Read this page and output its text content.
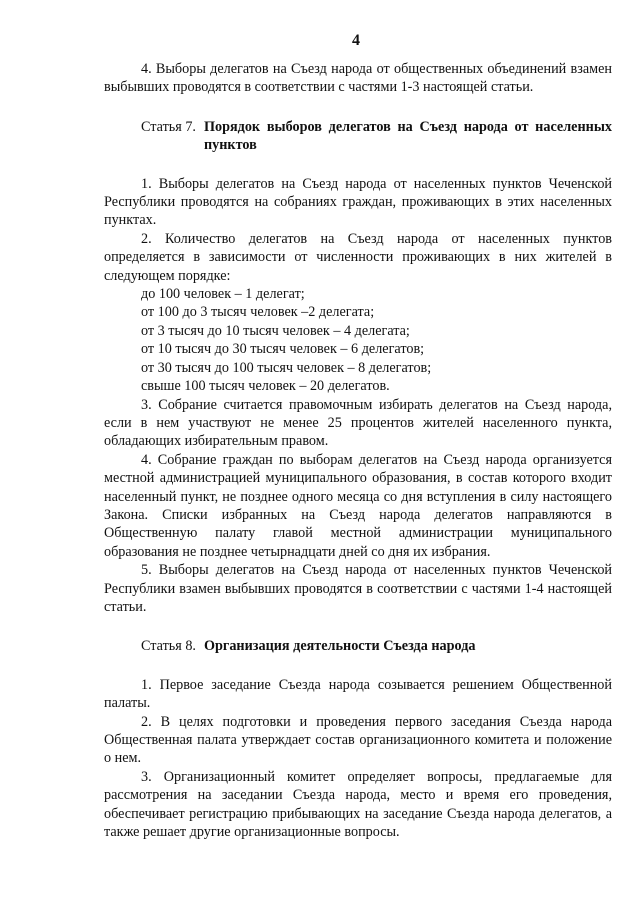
4

4. Выборы делегатов на Съезд народа от общественных объединений взамен выбывших проводятся в соответствии с частями 1-3 настоящей статьи.

Статья 7. Порядок выборов делегатов на Съезд народа от населенных пунктов

1. Выборы делегатов на Съезд народа от населенных пунктов Чеченской Республики проводятся на собраниях граждан, проживающих в этих населенных пунктах.

2. Количество делегатов на Съезд народа от населенных пунктов определяется в зависимости от численности проживающих в них жителей в следующем порядке:

до 100 человек – 1 делегат;
от 100 до 3 тысяч человек –2 делегата;
от 3 тысяч до 10 тысяч человек – 4 делегата;
от 10 тысяч до 30 тысяч человек – 6 делегатов;
от 30 тысяч до 100 тысяч человек – 8 делегатов;
свыше 100 тысяч человек – 20 делегатов.

3. Собрание считается правомочным избирать делегатов на Съезд народа, если в нем участвуют не менее 25 процентов жителей населенного пункта, обладающих избирательным правом.

4. Собрание граждан по выборам делегатов на Съезд народа организуется местной администрацией муниципального образования, в состав которого входит населенный пункт, не позднее одного месяца со дня вступления в силу настоящего Закона. Списки избранных на Съезд народа делегатов направляются в Общественную палату главой местной администрации муниципального образования не позднее четырнадцати дней со дня их избрания.

5. Выборы делегатов на Съезд народа от населенных пунктов Чеченской Республики взамен выбывших проводятся в соответствии с частями 1-4 настоящей статьи.

Статья 8. Организация деятельности Съезда народа

1. Первое заседание Съезда народа созывается решением Общественной палаты.

2. В целях подготовки и проведения первого заседания Съезда народа Общественная палата утверждает состав организационного комитета и положение о нем.

3. Организационный комитет определяет вопросы, предлагаемые для рассмотрения на заседании Съезда народа, место и время его проведения, обеспечивает регистрацию прибывающих на заседание Съезда народа делегатов, а также решает другие организационные вопросы.
